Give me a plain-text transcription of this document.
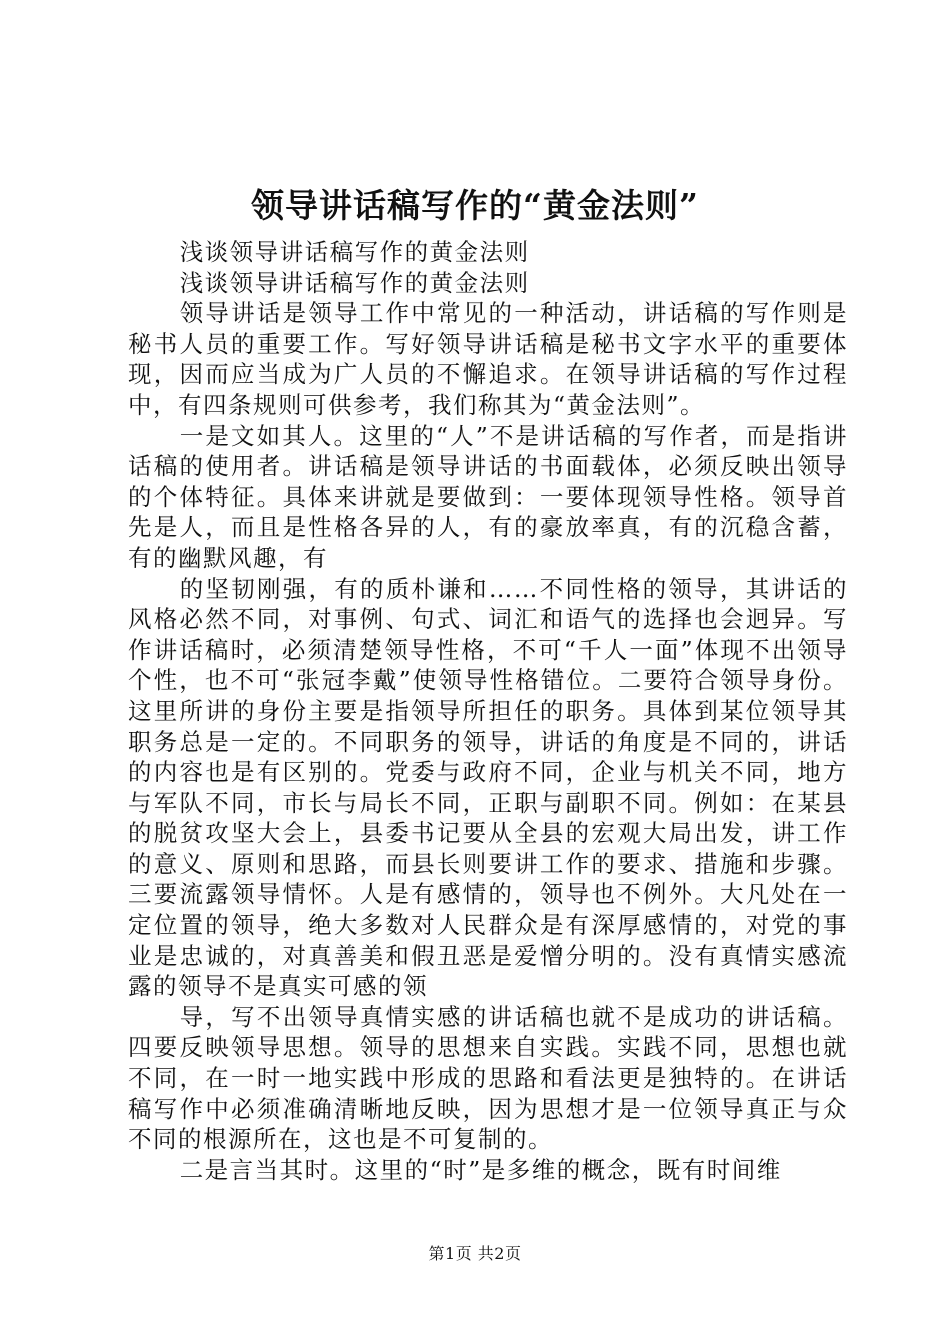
领导讲话稿写作的“黄金法则”

浅谈领导讲话稿写作的黄金法则

浅谈领导讲话稿写作的黄金法则

领导讲话是领导工作中常见的一种活动，讲话稿的写作则是秘书人员的重要工作。写好领导讲话稿是秘书文字水平的重要体现，因而应当成为广人员的不懈追求。在领导讲话稿的写作过程中，有四条规则可供参考，我们称其为“黄金法则”。

一是文如其人。这里的“人”不是讲话稿的写作者，而是指讲话稿的使用者。讲话稿是领导讲话的书面载体，必须反映出领导的个体特征。具体来讲就是要做到：一要体现领导性格。领导首先是人，而且是性格各异的人，有的豪放率真，有的沉稳含蓄，有的幽默风趣，有

的坚韧刚强，有的质朴谦和……不同性格的领导，其讲话的风格必然不同，对事例、句式、词汇和语气的选择也会迥异。写作讲话稿时，必须清楚领导性格，不可“千人一面”体现不出领导个性，也不可“张冠李戴”使领导性格错位。二要符合领导身份。这里所讲的身份主要是指领导所担任的职务。具体到某位领导其职务总是一定的。不同职务的领导，讲话的角度是不同的，讲话的内容也是有区别的。党委与政府不同，企业与机关不同，地方与军队不同，市长与局长不同，正职与副职不同。例如：在某县的脱贫攻坚大会上，县委书记要从全县的宏观大局出发，讲工作的意义、原则和思路，而县长则要讲工作的要求、措施和步骤。三要流露领导情怀。人是有感情的，领导也不例外。大凡处在一定位置的领导，绝大多数对人民群众是有深厚感情的，对党的事业是忠诚的，对真善美和假丑恶是爱憎分明的。没有真情实感流露的领导不是真实可感的领

导，写不出领导真情实感的讲话稿也就不是成功的讲话稿。四要反映领导思想。领导的思想来自实践。实践不同，思想也就不同，在一时一地实践中形成的思路和看法更是独特的。在讲话稿写作中必须准确清晰地反映，因为思想才是一位领导真正与众不同的根源所在，这也是不可复制的。

二是言当其时。这里的“时”是多维的概念，既有时间维

第1页 共2页
